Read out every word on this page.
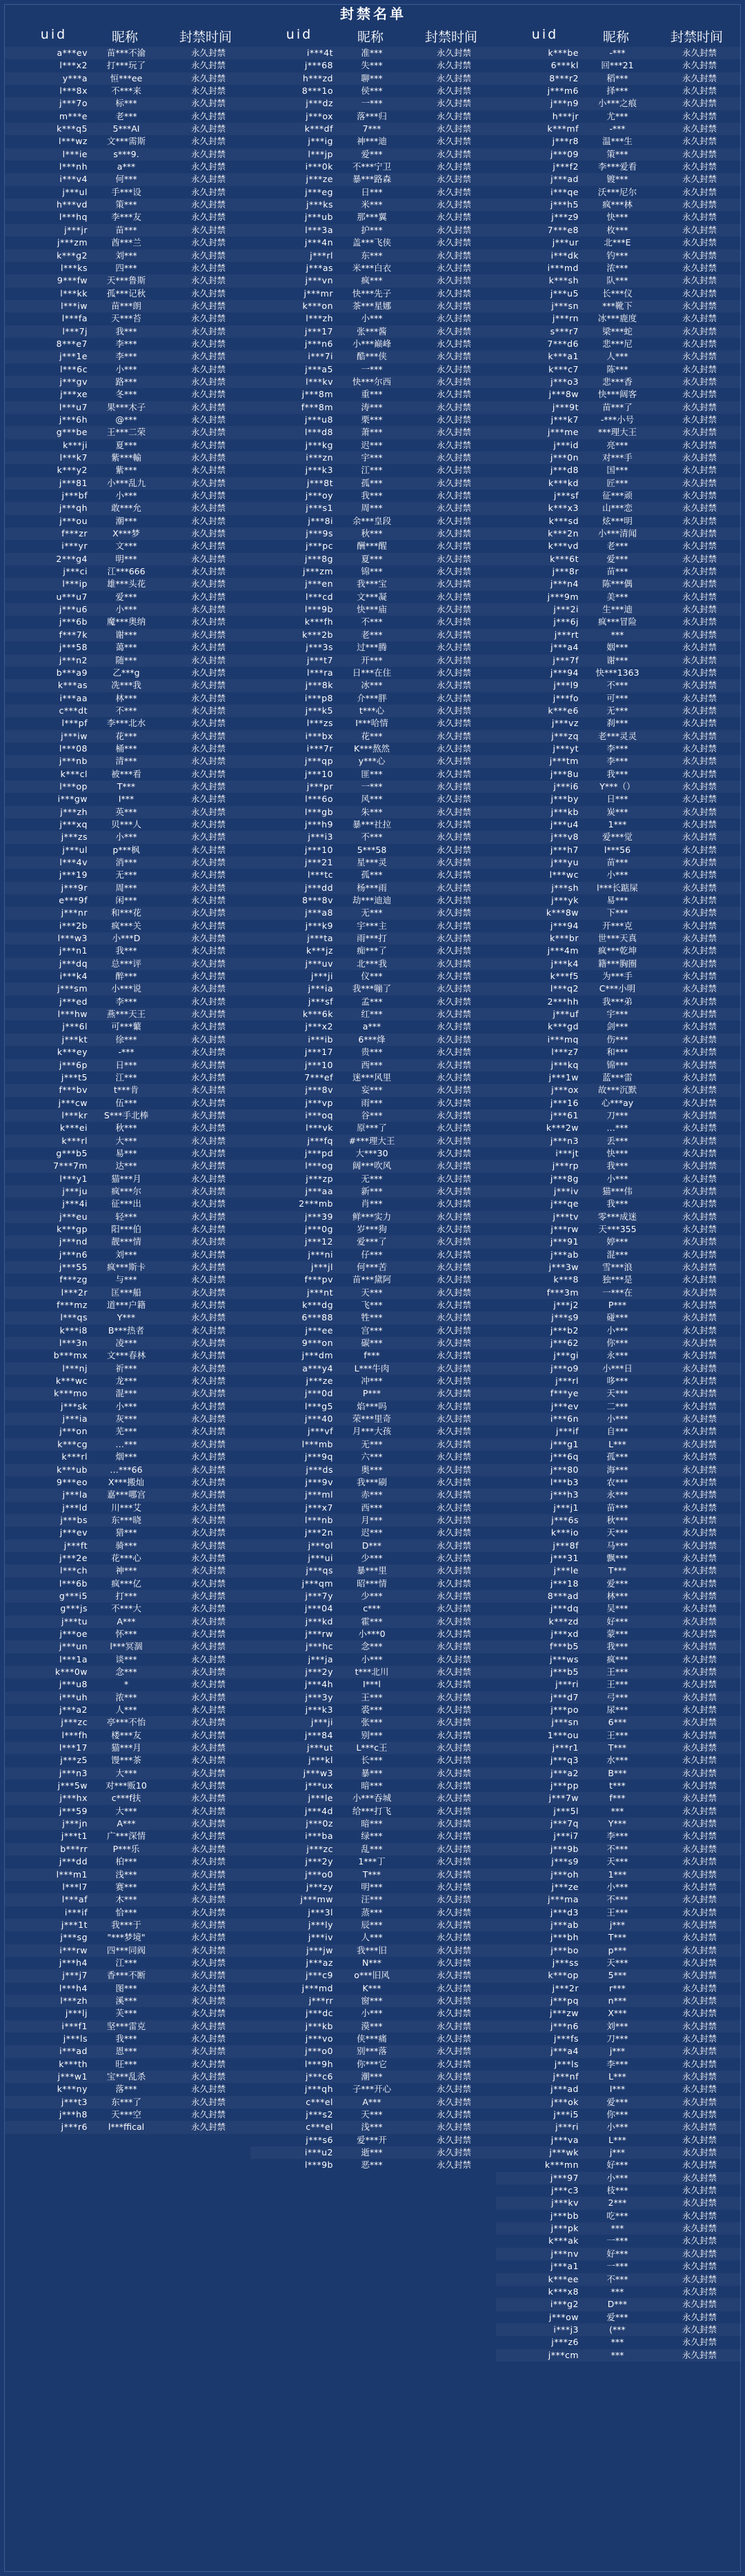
封禁名单
uid	昵称	封禁时间
a***ev	苗***不渝	永久封禁
l***x2	打***玩了	永久封禁
y***a	恒***ee	永久封禁
l***8x	不***来	永久封禁
j***7o	标***	永久封禁
m***e	老***	永久封禁
k***q5	5***AI	永久封禁
l***wz	文***需斯	永久封禁
l***ie	s***9.	永久封禁
l***nh	a***	永久封禁
i***v4	何***	永久封禁
j***ul	手***设	永久封禁
h***vd	策***	永久封禁
l***hq	李***友	永久封禁
j***jr	苗***	永久封禁
j***zm	酋***兰	永久封禁
k***g2	刘***	永久封禁
l***ks	四***	永久封禁
9***fw	天***鲁斯	永久封禁
l***kk	孤***记秋	永久封禁
l***iw	苗***朗	永久封禁
l***fa	天***苔	永久封禁
l***7j	我***	永久封禁
8***e7	李***	永久封禁
j***1e	李***	永久封禁
l***6c	小***	永久封禁
j***gv	路***	永久封禁
j***xe	冬***	永久封禁
l***u7	果***木子	永久封禁
j***6h	@***	永久封禁
g***be	王***二荣	永久封禁
k***ji	夏***	永久封禁
l***k7	紫***輸	永久封禁
k***y2	紫***	永久封禁
j***81	小***乱九	永久封禁
j***bf	小***	永久封禁
j***qh	敢***允	永久封禁
j***ou	潮***	永久封禁
f***zr	X***梦	永久封禁
i***yr	文***	永久封禁
2***g4	明***	永久封禁
j***ci	江***666	永久封禁
l***ip	雄***头花	永久封禁
u***u7	爱***	永久封禁
j***u6	小***	永久封禁
j***6b	魔***奥纳	永久封禁
f***7k	谢***	永久封禁
j***58	蔼***	永久封禁
j***n2	随***	永久封禁
b***a9	乙***g	永久封禁
k***as	冼***我	永久封禁
i***aa	林***	永久封禁
c***dt	不***	永久封禁
l***pf	李***北水	永久封禁
j***iw	花***	永久封禁
l***08	桶***	永久封禁
j***nb	清***	永久封禁
k***cl	被***看	永久封禁
l***op	T***	永久封禁
i***gw	I***	永久封禁
j***zh	英***	永久封禁
j***xq	贝***人	永久封禁
j***zs	小***	永久封禁
j***ul	p***枫	永久封禁
l***4v	消***	永久封禁
j***19	无***	永久封禁
j***9r	周***	永久封禁
e***9f	闲***	永久封禁
j***nr	和***花	永久封禁
i***2b	疯***关	永久封禁
l***w3	小***D	永久封禁
j***n1	我***	永久封禁
j***dq	总***评	永久封禁
i***k4	醉***	永久封禁
j***sm	小***说	永久封禁
j***ed	李***	永久封禁
l***hw	燕***天王	永久封禁
j***6l	可***蘩	永久封禁
j***kt	徐***	永久封禁
k***ey	-***	永久封禁
j***6p	日***	永久封禁
j***t5	江***	永久封禁
f***bv	t***肯	永久封禁
j***cw	伍***	永久封禁
l***kr	S***手北棒	永久封禁
k***ei	秋***	永久封禁
k***rl	大***	永久封禁
g***b5	易***	永久封禁
7***7m	达***	永久封禁
l***y1	猫***月	永久封禁
j***ju	疯***尔	永久封禁
j***4i	征***出	永久封禁
j***eu	轻***	永久封禁
k***gp	阳***伯	永久封禁
j***nd	靓***情	永久封禁
j***n6	刘***	永久封禁
j***55	疯***斯卡	永久封禁
f***zg	与***	永久封禁
l***2r	匡***船	永久封禁
f***mz	道***户籍	永久封禁
l***qs	Y***	永久封禁
k***i8	B***热者	永久封禁
l***3n	凌***	永久封禁
b***mx	文***春林	永久封禁
l***nj	祈***	永久封禁
k***wc	龙***	永久封禁
k***mo	混***	永久封禁
j***sk	小***	永久封禁
j***ia	灰***	永久封禁
j***on	芜***	永久封禁
k***cg	…***	永久封禁
k***rl	烟***	永久封禁
k***ub	…***66	永久封禁
9***eo	X***搬灿	永久封禁
j***la	嘉***哪宫	永久封禁
j***ld	川***艾	永久封禁
j***bs	东***晓	永久封禁
j***ev	猎***	永久封禁
j***ft	骑***	永久封禁
j***2e	花***心	永久封禁
l***ch	神***	永久封禁
l***6b	疯***亿	永久封禁
g***i5	打***	永久封禁
g***js	不***大	永久封禁
j***tu	A***	永久封禁
j***oe	怀***	永久封禁
j***un	l***冥涸	永久封禁
l***1a	谈***	永久封禁
k***0w	念***	永久封禁
j***u8	*	永久封禁
i***uh	浓***	永久封禁
j***a2	人***	永久封禁
j***zc	亭***不怡	永久封禁
l***fh	楼***友	永久封禁
l***17	猫***月	永久封禁
j***z5	馒***茶	永久封禁
j***n3	大***	永久封禁
j***5w	对***贩10	永久封禁
j***hx	c***f扶	永久封禁
j***59	大***	永久封禁
j***jn	A***	永久封禁
j***t1	广***深情	永久封禁
b***rr	P***乐	永久封禁
j***dd	柏***	永久封禁
l***m1	浅***	永久封禁
l***l7	赛***	永久封禁
l***af	木***	永久封禁
i***if	恰***	永久封禁
j***1t	我***于	永久封禁
j***sg	"***梦境"	永久封禁
i***rw	四***同阀	永久封禁
j***h4	江***	永久封禁
j***j7	香***不断	永久封禁
l***h4	图***	永久封禁
l***zh	溪***	永久封禁
j***lj	芙***	永久封禁
i***f1	坚***雷克	永久封禁
j***ls	我***	永久封禁
i***ad	恩***	永久封禁
k***th	旺***	永久封禁
j***w1	宝***乱杀	永久封禁
k***ny	落***	永久封禁
j***t3	东***了	永久封禁
j***h8	天***空	永久封禁
j***r6	l***ffical	永久封禁
uid	昵称	封禁时间
i***4t	准***	永久封禁
j***68	失***	永久封禁
h***zd	聊***	永久封禁
8***1o	侯***	永久封禁
j***dz	一***	永久封禁
j***ox	落***归	永久封禁
k***df	7***	永久封禁
j***ig	神***迪	永久封禁
l***jp	爱***	永久封禁
i***0k	不***宁卫	永久封禁
j***ze	暴***路森	永久封禁
j***eg	日***	永久封禁
j***ks	米***	永久封禁
j***ub	那***翼	永久封禁
l***3a	护***	永久封禁
j***4n	盖***飞侠	永久封禁
j***rl	东***	永久封禁
j***as	米***白衣	永久封禁
j***vn	疯***	永久封禁
j***mr	快***先子	永久封禁
k***on	茶***星娜	永久封禁
l***zh	小***	永久封禁
j***17	张***酱	永久封禁
j***n6	小***巅峰	永久封禁
i***7i	酷***侠	永久封禁
j***a5	一***	永久封禁
l***kv	快***尔西	永久封禁
j***8m	重***	永久封禁
f***8m	涛***	永久封禁
j***u8	栗***	永久封禁
l***d8	萧***	永久封禁
j***kg	迟***	永久封禁
i***zn	宇***	永久封禁
j***k3	江***	永久封禁
j***8t	孤***	永久封禁
j***oy	我***	永久封禁
j***s1	周***	永久封禁
j***8i	余***皇段	永久封禁
j***9s	秋***	永久封禁
j***pc	酬***醒	永久封禁
j***8g	夏***	永久封禁
j***zm	锦***	永久封禁
j***en	我***宝	永久封禁
l***cd	文***凝	永久封禁
l***9b	快***庙	永久封禁
k***fh	不***	永久封禁
k***2b	老***	永久封禁
j***3s	过***腾	永久封禁
j***t7	开***	永久封禁
l***ra	日***在住	永久封禁
j***8k	冰***	永久封禁
i***p8	介***胖	永久封禁
j***k5	t***心	永久封禁
l***zs	I***哈情	永久封禁
i***bx	花***	永久封禁
i***7r	K***熬然	永久封禁
j***qp	y***心	永久封禁
j***10	匪***	永久封禁
j***pr	一***	永久封禁
l***6o	风***	永久封禁
l***gb	朱***	永久封禁
j***h9	暴***社拉	永久封禁
j***i3	不***	永久封禁
j***10	5***58	永久封禁
j***21	星***灵	永久封禁
l***tc	孤***	永久封禁
j***dd	杨***雨	永久封禁
8***8v	劫***迪迪	永久封禁
j***a8	无***	永久封禁
j***k9	宇***主	永久封禁
j***ta	雨***打	永久封禁
k***jz	痴***了	永久封禁
j***uv	北***我	永久封禁
j***ji	仪***	永久封禁
j***ia	我***嘣了	永久封禁
j***sf	孟***	永久封禁
k***6k	红***	永久封禁
j***x2	a***	永久封禁
i***ib	6***烽	永久封禁
j***17	贵***	永久封禁
j***10	西***	永久封禁
7***ef	迷***风里	永久封禁
j***8v	妄***	永久封禁
j***vp	雨***	永久封禁
i***oq	谷***	永久封禁
l***vk	原***了	永久封禁
j***fq	#***理大王	永久封禁
j***pd	大***30	永久封禁
l***og	阔***吹风	永久封禁
j***zp	无***	永久封禁
j***aa	新***	永久封禁
2***mb	肖***	永久封禁
j***39	鲜***实力	永久封禁
j***0g	岁***狗	永久封禁
j***12	爱***了	永久封禁
j***ni	仔***	永久封禁
j***jl	何***苦	永久封禁
f***pv	苗***黛阿	永久封禁
j***nt	天***	永久封禁
k***dg	飞***	永久封禁
6***88	牲***	永久封禁
j***ee	宫***	永久封禁
9***on	碳***	永久封禁
j***dm	f***	永久封禁
a***y4	L***牛肉	永久封禁
j***ze	冲***	永久封禁
j***0d	P***	永久封禁
l***g5	焰***吗	永久封禁
j***40	荣***里奇	永久封禁
j***vf	月***大孩	永久封禁
l***mb	无***	永久封禁
j***9q	六***	永久封禁
j***ds	奥***	永久封禁
j***9v	我***刷	永久封禁
j***ml	赤***	永久封禁
j***x7	西***	永久封禁
l***nb	月***	永久封禁
j***2n	迟***	永久封禁
j***ol	D***	永久封禁
j***ui	少***	永久封禁
j***qs	暴***里	永久封禁
j***qm	昭***情	永久封禁
j***7y	少***	永久封禁
j***04	c***	永久封禁
j***kd	霍***	永久封禁
j***rw	小***0	永久封禁
j***hc	念***	永久封禁
j***ja	小***	永久封禁
j***2y	t***北川	永久封禁
j***4h	I***l	永久封禁
j***3y	王***	永久封禁
j***k3	裘***	永久封禁
j***ji	张***	永久封禁
j***84	别***	永久封禁
j***ut	L***c王	永久封禁
j***kl	长***	永久封禁
j***w3	暴***	永久封禁
j***ux	暗***	永久封禁
j***le	小***吞城	永久封禁
j***4d	给***打飞	永久封禁
j***0z	暗***	永久封禁
i***ba	绿***	永久封禁
j***zc	乱***	永久封禁
j***2y	1***丁	永久封禁
j***o0	T***	永久封禁
j***zy	明***	永久封禁
j***mw	汪***	永久封禁
j***3l	蒸***	永久封禁
j***ly	辰***	永久封禁
j***iv	人***	永久封禁
j***jw	我***旧	永久封禁
j***az	N***	永久封禁
j***c9	o***旧风	永久封禁
j***md	K***	永久封禁
j***rr	窗***	永久封禁
j***dc	小***	永久封禁
j***kb	漠***	永久封禁
j***vo	侠***痛	永久封禁
j***o0	别***落	永久封禁
l***9h	你***它	永久封禁
j***c6	潮***	永久封禁
j***qh	子***开心	永久封禁
c***el	A***	永久封禁
j***s2	天***	永久封禁
c***el	浅***	永久封禁
j***s6	爱***开	永久封禁
i***u2	逝***	永久封禁
l***9b	恶***	永久封禁
uid	昵称	封禁时间
k***be	-***	永久封禁
6***kl	回***21	永久封禁
8***r2	稻***	永久封禁
j***m6	择***	永久封禁
j***n9	小***之痕	永久封禁
h***jr	尤***	永久封禁
k***mf	-***	永久封禁
j***r8	温***生	永久封禁
j***09	策***	永久封禁
j***f2	李***爱看	永久封禁
j***ad	镀***	永久封禁
i***qe	沃***尼尔	永久封禁
j***h5	疯***林	永久封禁
j***z9	快***	永久封禁
7***e8	枚***	永久封禁
j***ur	北***E	永久封禁
i***dk	钓***	永久封禁
i***md	浓***	永久封禁
k***sh	队***	永久封禁
j***u5	长***仪	永久封禁
j***sn	***靴下	永久封禁
j***rn	冰***鹿度	永久封禁
s***r7	梁***蛇	永久封禁
7***d6	悲***尼	永久封禁
k***a1	人***	永久封禁
k***c7	陈***	永久封禁
j***o3	悲***香	永久封禁
j***8w	快***阔客	永久封禁
j***9t	苗***了	永久封禁
j***k7	-***小号	永久封禁
j***me	***理大王	永久封禁
j***id	亮***	永久封禁
j***0n	对***手	永久封禁
j***d8	国***	永久封禁
k***kd	匠***	永久封禁
j***sf	征***顽	永久封禁
k***x3	山***恋	永久封禁
k***sd	炫***明	永久封禁
k***2n	小***清闻	永久封禁
k***vd	老***	永久封禁
k***6t	爱***	永久封禁
j***8r	苗***	永久封禁
j***n4	陈***偶	永久封禁
j***9m	美***	永久封禁
j***2i	生***迪	永久封禁
j***6j	疯***冒险	永久封禁
j***rt	***	永久封禁
j***a4	姻***	永久封禁
j***7f	谢***	永久封禁
j***94	快***1363	永久封禁
j***l9	不***	永久封禁
j***fo	可***	永久封禁
k***e6	无***	永久封禁
j***vz	刹***	永久封禁
j***zq	老***灵灵	永久封禁
j***yt	李***	永久封禁
j***tm	李***	永久封禁
j***8u	我***	永久封禁
j***i6	Y***（）	永久封禁
j***by	日***	永久封禁
j***kb	炭***	永久封禁
j***u4	1***	永久封禁
j***v8	爱***觉	永久封禁
j***h7	l***56	永久封禁
j***yu	苗***	永久封禁
l***wc	小***	永久封禁
j***sh	l***长踮屎	永久封禁
j***yk	易***	永久封禁
k***8w	下***	永久封禁
j***94	开***克	永久封禁
k***br	世***天真	永久封禁
j***4m	疯***乾坤	永久封禁
j***k4	籍***胸圈	永久封禁
k***f5	为***手	永久封禁
l***q2	C***小明	永久封禁
2***hh	我***弟	永久封禁
j***uf	宇***	永久封禁
k***gd	剑***	永久封禁
i***mq	伤***	永久封禁
l***z7	和***	永久封禁
j***kq	锦***	永久封禁
j***1w	蓝***雷	永久封禁
j***ox	故***沉默	永久封禁
j***16	心***ay	永久封禁
j***61	刀***	永久封禁
k***2w	…***	永久封禁
j***n3	丢***	永久封禁
i***jt	快***	永久封禁
j***rp	我***	永久封禁
j***8g	小***	永久封禁
j***iv	猫***伟	永久封禁
j***qe	我***	永久封禁
j***tv	零***成迷	永久封禁
j***rw	天***355	永久封禁
j***91	婷***	永久封禁
j***ab	混***	永久封禁
j***3w	雪***浪	永久封禁
k***8	独***是	永久封禁
f***3m	一***在	永久封禁
j***j2	P***	永久封禁
j***s9	碰***	永久封禁
j***b2	小***	永久封禁
j***62	你***	永久封禁
j***gi	永***	永久封禁
j***o9	小***日	永久封禁
j***rl	哆***	永久封禁
f***ye	天***	永久封禁
j***ev	二***	永久封禁
i***6n	小***	永久封禁
j***if	自***	永久封禁
j***g1	L***	永久封禁
j***6q	孤***	永久封禁
j***80	海***	永久封禁
l***b3	农***	永久封禁
j***h3	永***	永久封禁
j***j1	苗***	永久封禁
j***6s	秋***	永久封禁
k***io	天***	永久封禁
j***8f	马***	永久封禁
j***31	飘***	永久封禁
j***le	T***	永久封禁
j***18	爱***	永久封禁
8***ad	林***	永久封禁
j***dq	吴***	永久封禁
k***zd	好***	永久封禁
j***xd	蒙***	永久封禁
f***b5	我***	永久封禁
j***ws	疯***	永久封禁
j***b5	王***	永久封禁
j***ri	王***	永久封禁
j***d7	弓***	永久封禁
j***po	尿***	永久封禁
j***sn	6***	永久封禁
1***ou	王***	永久封禁
j***r1	T***	永久封禁
j***q3	水***	永久封禁
j***a2	B***	永久封禁
j***pp	t***	永久封禁
j***7w	f***	永久封禁
j***5l	***	永久封禁
j***7q	Y***	永久封禁
j***i7	李***	永久封禁
j***9b	不***	永久封禁
j***s9	天***	永久封禁
j***oh	1***	永久封禁
j***ze	小***	永久封禁
j***ma	不***	永久封禁
j***d3	王***	永久封禁
j***ab	j***	永久封禁
j***bh	T***	永久封禁
j***bo	p***	永久封禁
j***ss	天***	永久封禁
k***op	5***	永久封禁
j***2r	r***	永久封禁
j***pq	n***	永久封禁
j***zw	X***	永久封禁
j***n6	刘***	永久封禁
j***fs	刀***	永久封禁
j***a4	j***	永久封禁
j***ls	李***	永久封禁
j***nf	L***	永久封禁
j***ad	I***	永久封禁
j***ok	爱***	永久封禁
j***i5	你***	永久封禁
j***ri	小***	永久封禁
j***va	L***	永久封禁
j***wk	j***	永久封禁
k***mn	好***	永久封禁
j***97	小***	永久封禁
j***c3	枝***	永久封禁
j***kv	2***	永久封禁
j***bb	吃***	永久封禁
j***pk	***	永久封禁
k***ak	一***	永久封禁
j***nv	好***	永久封禁
j***a1	一***	永久封禁
k***ee	不***	永久封禁
k***x8	***	永久封禁
i***g2	D***	永久封禁
j***ow	爱***	永久封禁
i***j3	(***	永久封禁
j***z6	***	永久封禁
j***cm	***	永久封禁
